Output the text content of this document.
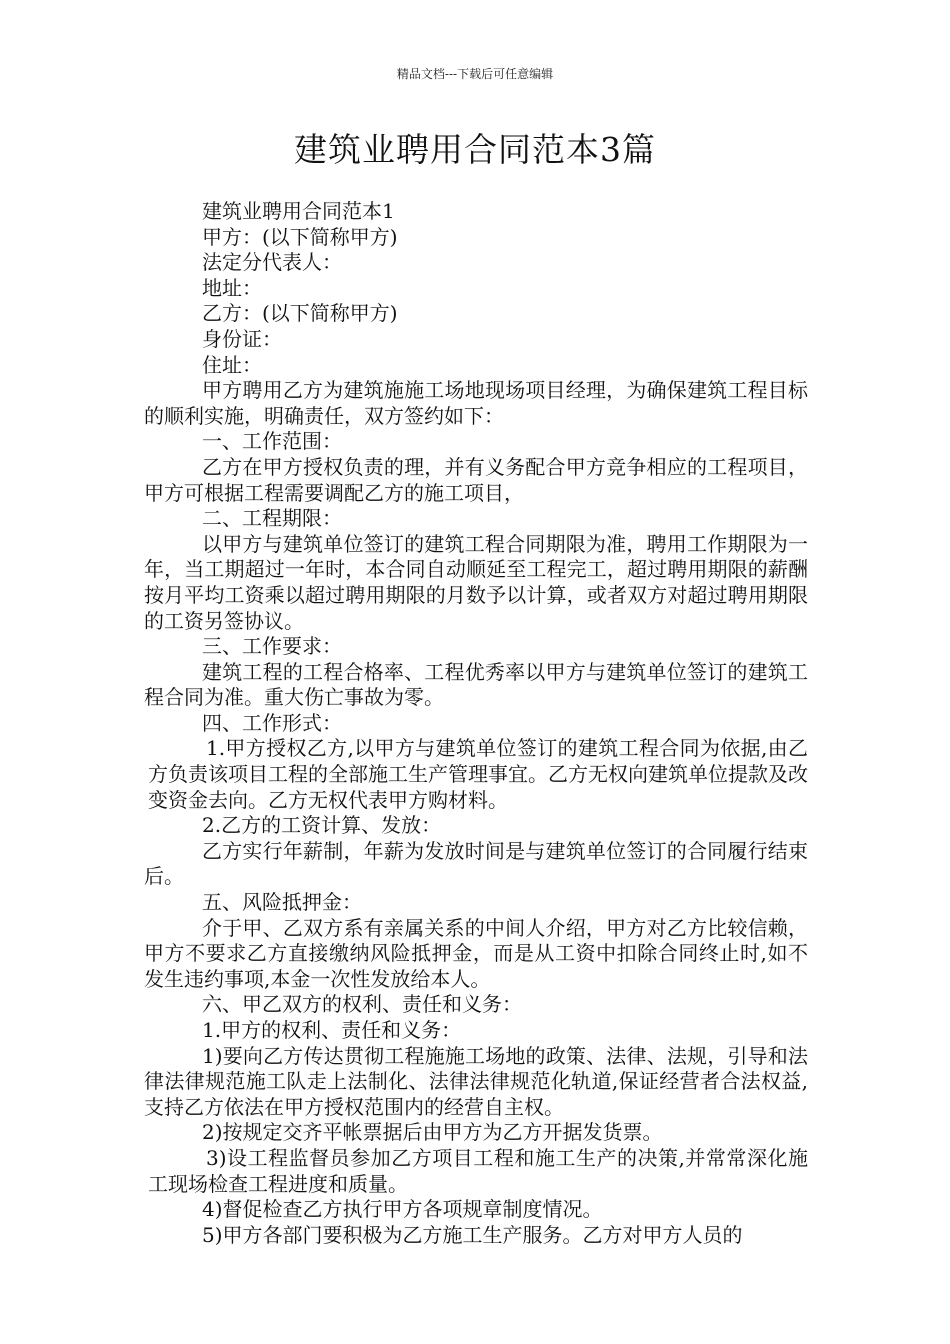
精品文档---下载后可任意编辑
建筑业聘用合同范本3篇

建筑业聘用合同范本1

甲方：(以下简称甲方)

法定分代表人：

地址：

乙方：(以下简称甲方)

身份证：

住址：

甲方聘用乙方为建筑施施工场地现场项目经理，为确保建筑工程目标的顺利实施，明确责任，双方签约如下：

一、工作范围：

乙方在甲方授权负责的理，并有义务配合甲方竞争相应的工程项目，甲方可根据工程需要调配乙方的施工项目，

二、工程期限：

以甲方与建筑单位签订的建筑工程合同期限为准，聘用工作期限为一年，当工期超过一年时，本合同自动顺延至工程完工，超过聘用期限的薪酬按月平均工资乘以超过聘用期限的月数予以计算，或者双方对超过聘用期限的工资另签协议。

三、工作要求：

建筑工程的工程合格率、工程优秀率以甲方与建筑单位签订的建筑工程合同为准。重大伤亡事故为零。

四、工作形式：

1.甲方授权乙方,以甲方与建筑单位签订的建筑工程合同为依据,由乙方负责该项目工程的全部施工生产管理事宜。乙方无权向建筑单位提款及改变资金去向。乙方无权代表甲方购材料。

2.乙方的工资计算、发放：

乙方实行年薪制，年薪为发放时间是与建筑单位签订的合同履行结束后。

五、风险抵押金：

介于甲、乙双方系有亲属关系的中间人介绍，甲方对乙方比较信赖，甲方不要求乙方直接缴纳风险抵押金，而是从工资中扣除合同终止时,如不发生违约事项,本金一次性发放给本人。

六、甲乙双方的权利、责任和义务：

1.甲方的权利、责任和义务：

1)要向乙方传达贯彻工程施施工场地的政策、法律、法规，引导和法律法律规范施工队走上法制化、法律法律规范化轨道,保证经营者合法权益,支持乙方依法在甲方授权范围内的经营自主权。

2)按规定交齐平帐票据后由甲方为乙方开据发货票。

3)设工程监督员参加乙方项目工程和施工生产的决策,并常常深化施工现场检查工程进度和质量。

4)督促检查乙方执行甲方各项规章制度情况。

5)甲方各部门要积极为乙方施工生产服务。乙方对甲方人员的
